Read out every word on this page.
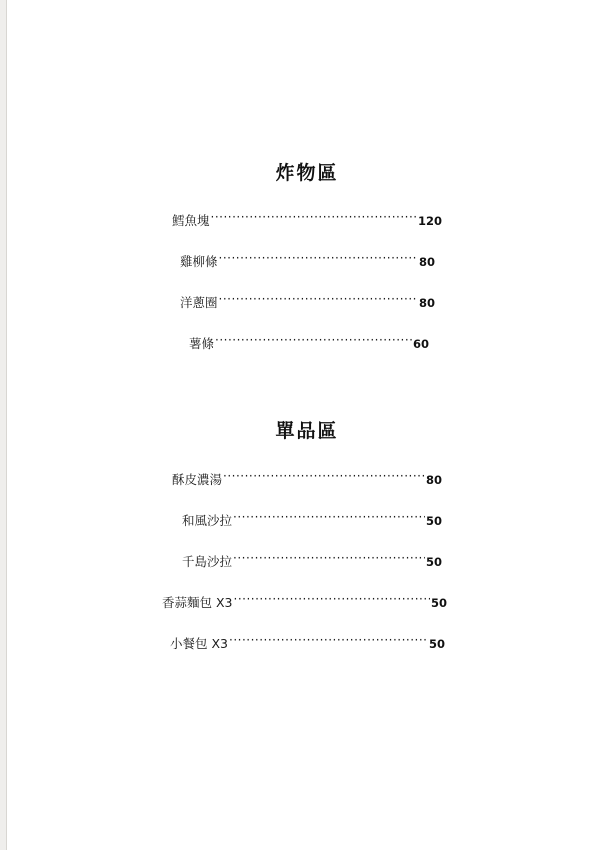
炸物區
鱈魚塊 ·····	120
雞柳條 ·····	80
洋蔥圈 ·····	80
薯條 ·····	60
單品區
酥皮濃湯 ·····	80
和風沙拉 ·····	50
千島沙拉 ·····	50
香蒜麵包 X3 ·····	50
小餐包 X3 ·····	50
